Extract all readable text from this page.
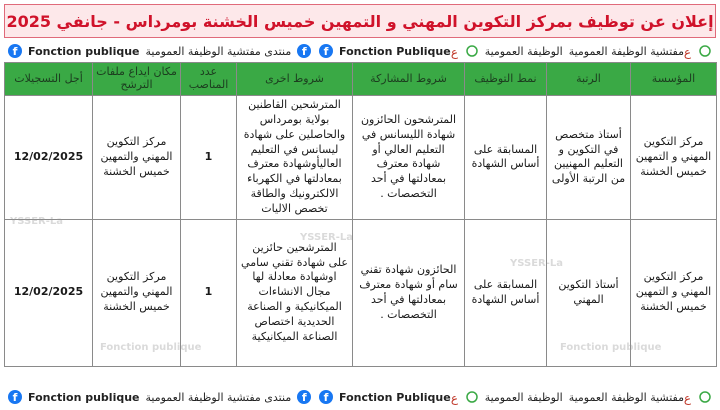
إعلان عن توظيف بمركز التكوين المهني و التمهين خميس الخشنة بومرداس - جانفي 2025
f
منتدى مفتشية الوظيفة العمومية
Fonction publique
f	ع
مفتشية الوظيفة العمومية
الوظيفة العمومية
ع
Fonction Publique
f
المؤسسة	الرتبة	نمط التوظيف	شروط المشاركة	شروط اخرى	عدد المناصب	مكان ايداع ملفات الترشح	أجل التسجيلات
مركز التكوين المهني و التمهين خميس الخشنة	أستاذ متخصص في التكوين و التعليم المهنيين من الرتبة الأولى	المسابقة على أساس الشهادة	المترشحون الحائزون شهادة الليسانس في التعليم العالي أو شهادة معترف بمعادلتها في أحد التخصصات .	المترشحين القاطنين بولاية بومرداس والحاصلين على شهادة ليسانس في التعليم العاليأوشهادة معترف بمعادلتها في الكهرباء الالكترونيك والطاقة تخصص الاليات	1	مركز التكوين المهني والتمهين خميس الخشنة	12/02/2025
مركز التكوين المهني و التمهين خميس الخشنة	أستاذ التكوين المهني	المسابقة على أساس الشهادة	الحائزون شهادة تقني سام أو شهادة معترف بمعادلتها في أحد التخصصات .	المترشحين حائزين على شهادة تقني سامي اوشهادة معادلة لها مجال الانشاءات الميكانيكية و الصناعة الحديدية اختصاص الصناعة الميكانيكية	1	مركز التكوين المهني والتمهين خميس الخشنة	12/02/2025
YSSER-La
YSSER-La
YSSER-La
Fonction publique	Fonction publique
f
منتدى مفتشية الوظيفة العمومية
Fonction publique
f	ع
مفتشية الوظيفة العمومية
الوظيفة العمومية
ع
Fonction Publique
f
